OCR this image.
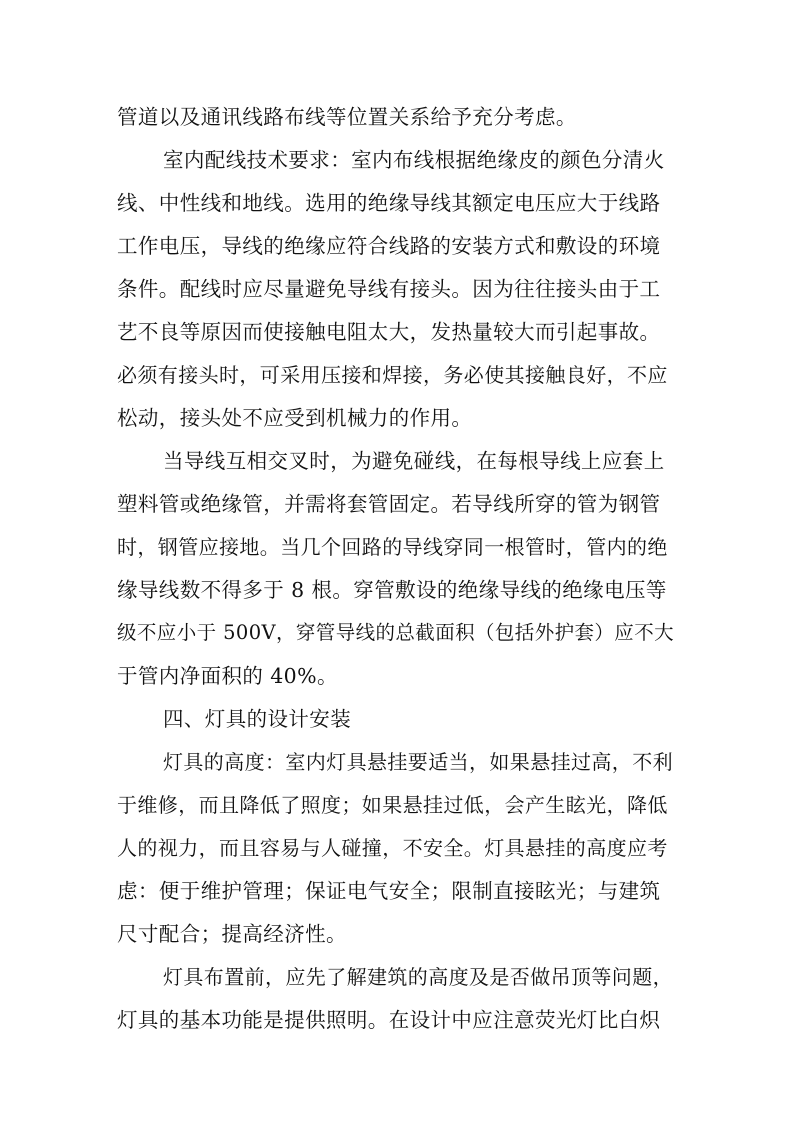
管道以及通讯线路布线等位置关系给予充分考虑。
室内配线技术要求：室内布线根据绝缘皮的颜色分清火
线、中性线和地线。选用的绝缘导线其额定电压应大于线路
工作电压，导线的绝缘应符合线路的安装方式和敷设的环境
条件。配线时应尽量避免导线有接头。因为往往接头由于工
艺不良等原因而使接触电阻太大，发热量较大而引起事故。
必须有接头时，可采用压接和焊接，务必使其接触良好，不应
松动，接头处不应受到机械力的作用。
当导线互相交叉时，为避免碰线，在每根导线上应套上
塑料管或绝缘管，并需将套管固定。若导线所穿的管为钢管
时，钢管应接地。当几个回路的导线穿同一根管时，管内的绝
缘导线数不得多于 8 根。穿管敷设的绝缘导线的绝缘电压等
级不应小于 500V，穿管导线的总截面积（包括外护套）应不大
于管内净面积的 40%。
四、灯具的设计安装
灯具的高度：室内灯具悬挂要适当，如果悬挂过高，不利
于维修，而且降低了照度；如果悬挂过低，会产生眩光，降低
人的视力，而且容易与人碰撞，不安全。灯具悬挂的高度应考
虑：便于维护管理；保证电气安全；限制直接眩光；与建筑
尺寸配合；提高经济性。
灯具布置前，应先了解建筑的高度及是否做吊顶等问题，
灯具的基本功能是提供照明。在设计中应注意荧光灯比白炽
